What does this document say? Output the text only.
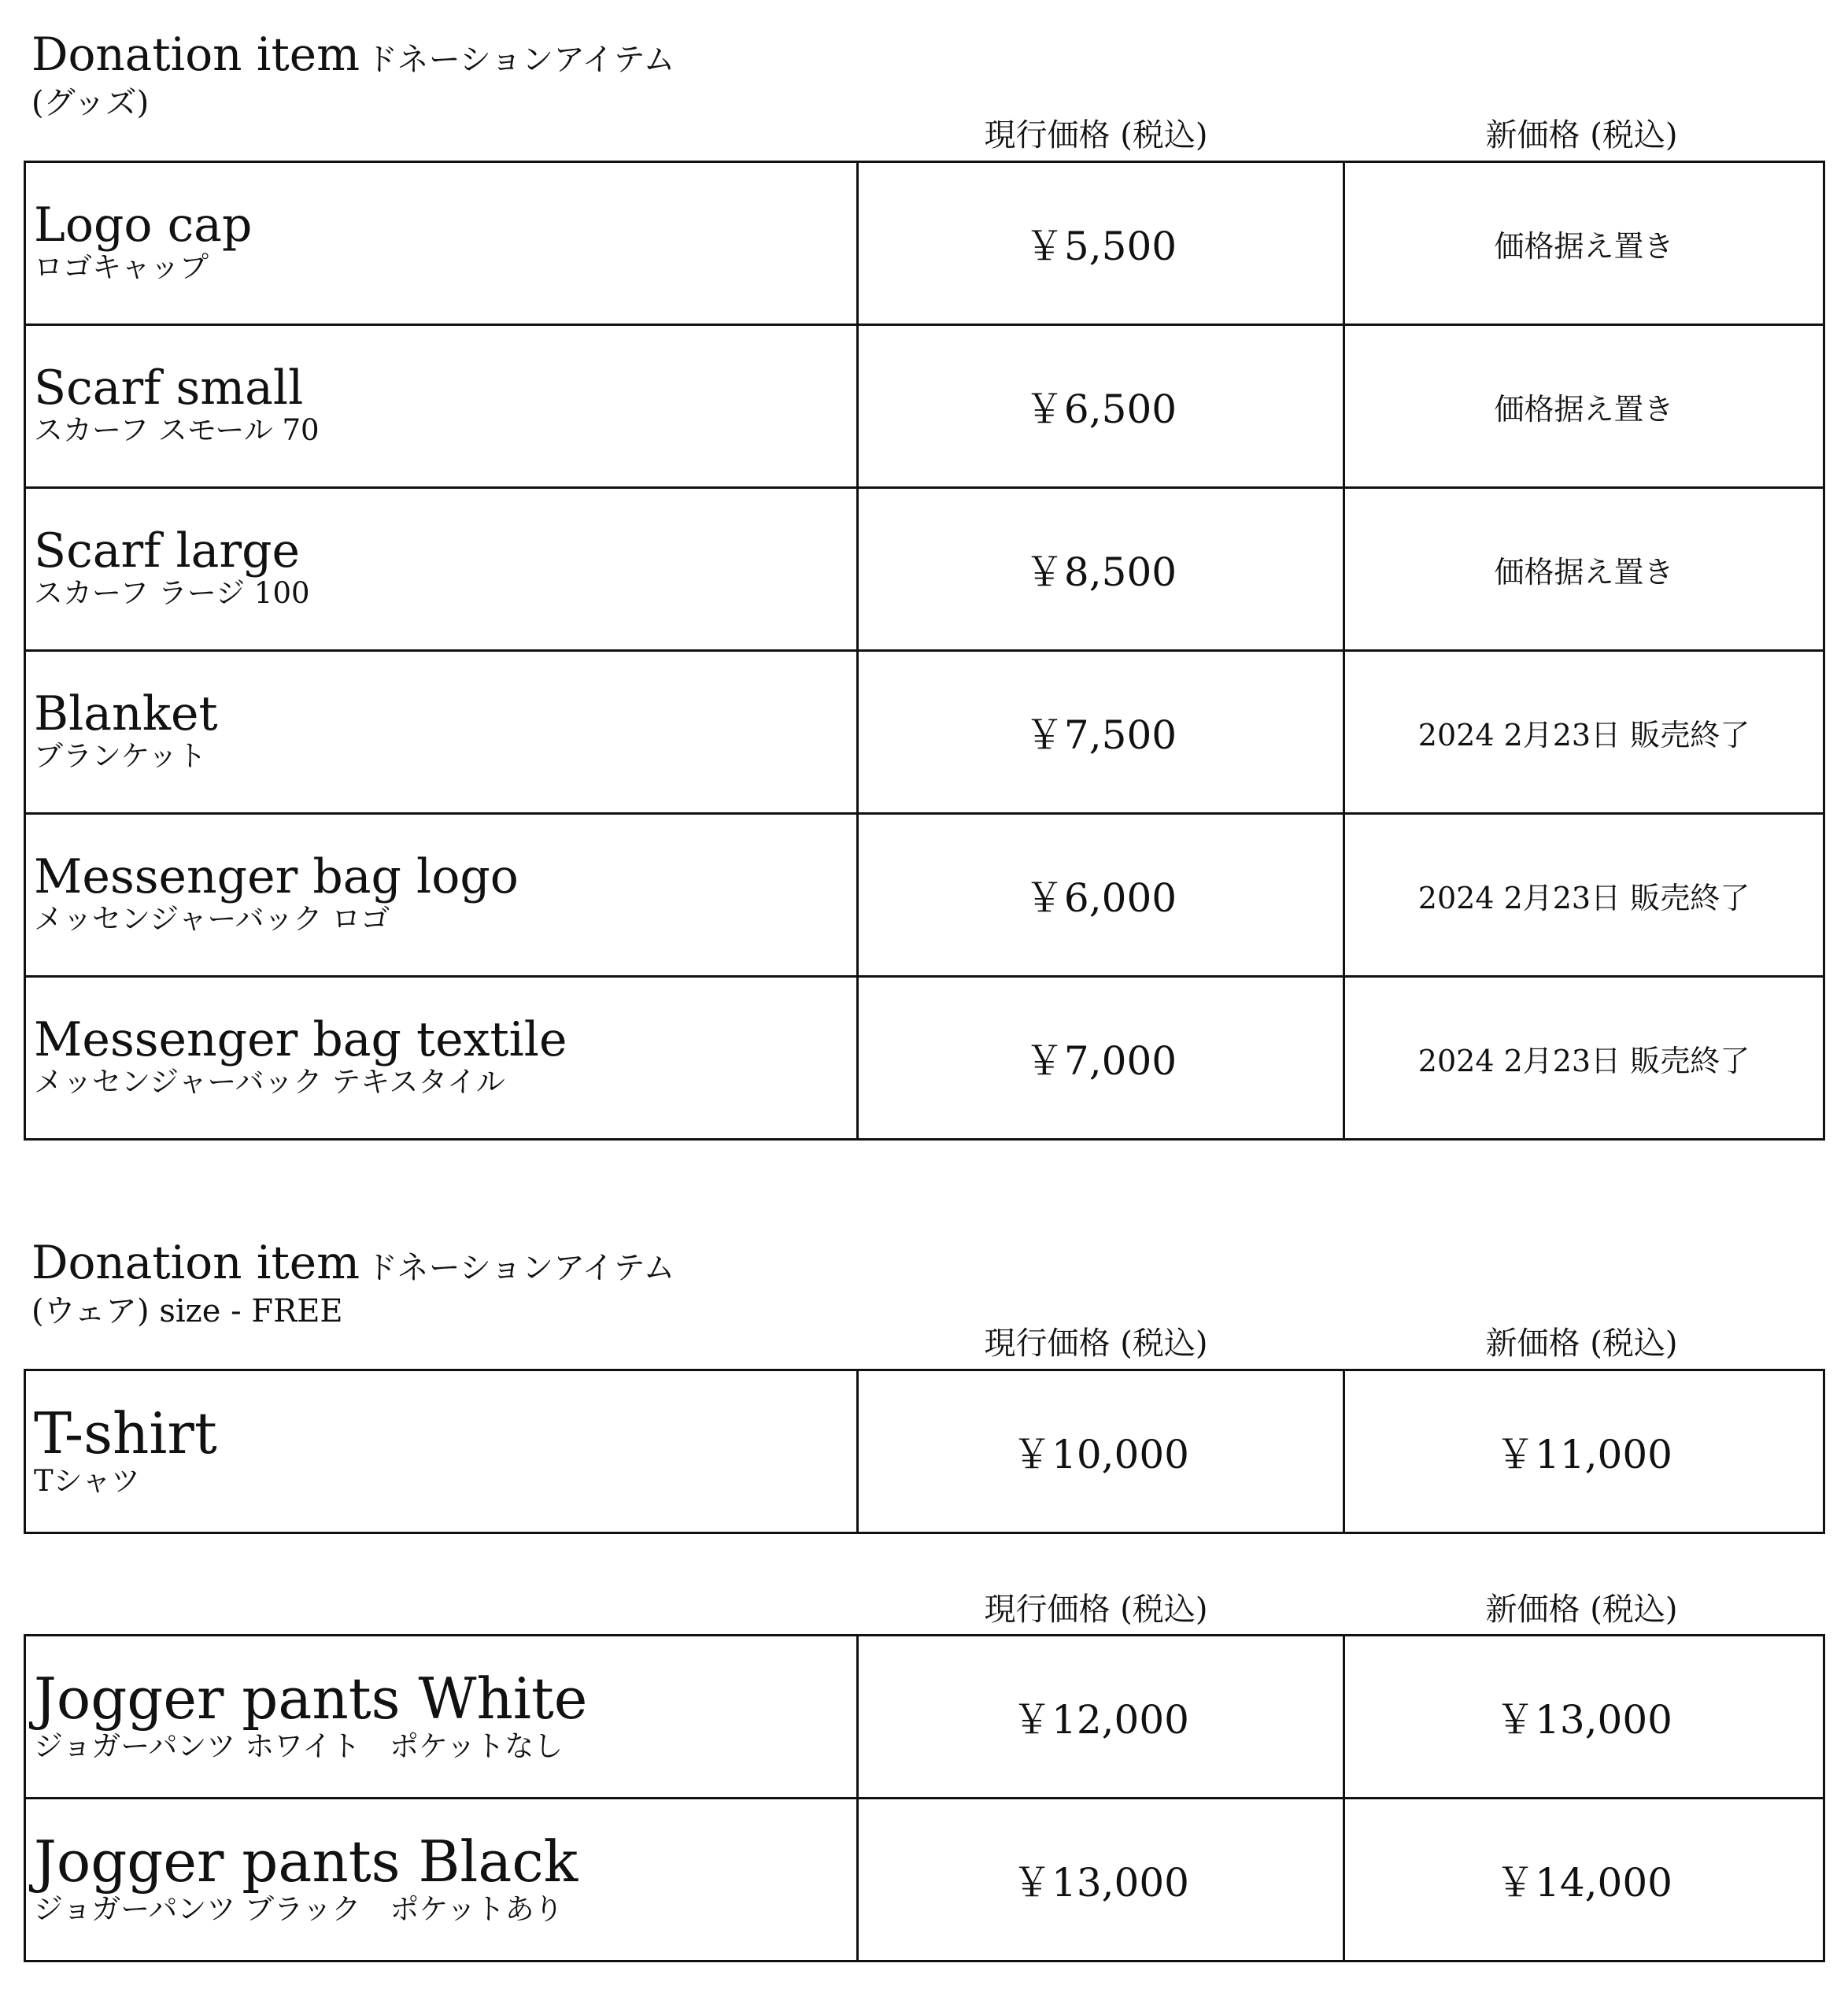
Donation item ドネーションアイテム
(グッズ)
現行価格 (税込)	新価格 (税込)
Logo cap
ロゴキャップ	￥5,500	価格据え置き

Scarf small
スカーフ スモール 70	￥6,500	価格据え置き

Scarf large
スカーフ ラージ 100	￥8,500	価格据え置き

Blanket
ブランケット	￥7,500	2024 2月23日 販売終了

Messenger bag logo
メッセンジャーバック ロゴ	￥6,000	2024 2月23日 販売終了

Messenger bag textile
メッセンジャーバック テキスタイル	￥7,000	2024 2月23日 販売終了
Donation item ドネーションアイテム
(ウェア) size - FREE
現行価格 (税込)	新価格 (税込)
T-shirt
Tシャツ
	￥10,000	￥11,000
現行価格 (税込)	新価格 (税込)
Jogger pants White
ジョガーパンツ ホワイト　ポケットなし	￥12,000	￥13,000

Jogger pants Black
ジョガーパンツ ブラック　ポケットあり	￥13,000	￥14,000
